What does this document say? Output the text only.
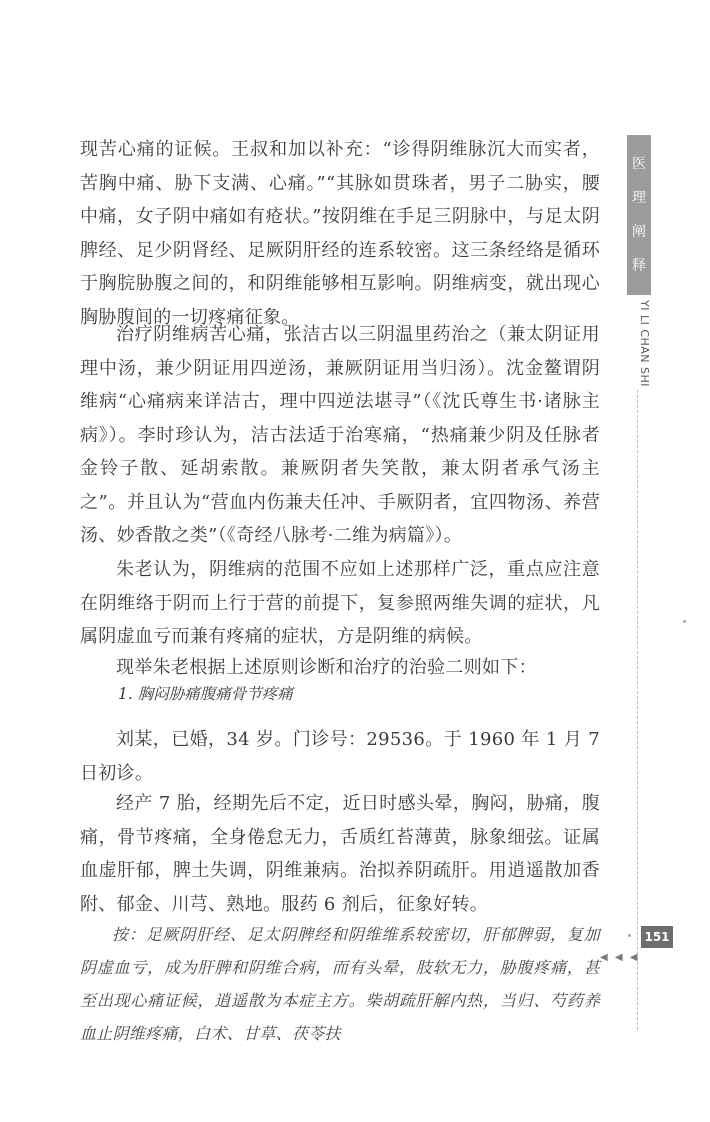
现苦心痛的证候。王叔和加以补充：“诊得阴维脉沉大而实者，苦胸中痛、胁下支满、心痛。”“其脉如贯珠者，男子二胁实，腰中痛，女子阴中痛如有疮状。”按阴维在手足三阴脉中，与足太阴脾经、足少阴肾经、足厥阴肝经的连系较密。这三条经络是循环于胸脘胁腹之间的，和阴维能够相互影响。阴维病变，就出现心胸胁腹间的一切疼痛征象。
治疗阴维病苦心痛，张洁古以三阴温里药治之（兼太阴证用理中汤，兼少阴证用四逆汤，兼厥阴证用当归汤）。沈金鳌谓阴维病“心痛病来详洁古，理中四逆法堪寻”（《沈氏尊生书·诸脉主病》）。李时珍认为，洁古法适于治寒痛，“热痛兼少阴及任脉者金铃子散、延胡索散。兼厥阴者失笑散，兼太阴者承气汤主之”。并且认为“营血内伤兼夫任冲、手厥阴者，宜四物汤、养营汤、妙香散之类”（《奇经八脉考·二维为病篇》）。
朱老认为，阴维病的范围不应如上述那样广泛，重点应注意在阴维络于阴而上行于营的前提下，复参照两维失调的症状，凡属阴虚血亏而兼有疼痛的症状，方是阴维的病候。
现举朱老根据上述原则诊断和治疗的治验二则如下：
1. 胸闷胁痛腹痛骨节疼痛
刘某，已婚，34 岁。门诊号：29536。于 1960 年 1 月 7 日初诊。
经产 7 胎，经期先后不定，近日时感头晕，胸闷，胁痛，腹痛，骨节疼痛，全身倦怠无力，舌质红苔薄黄，脉象细弦。证属血虚肝郁，脾土失调，阴维兼病。治拟养阴疏肝。用逍遥散加香附、郁金、川芎、熟地。服药 6 剂后，征象好转。
按：足厥阴肝经、足太阴脾经和阴维维系较密切，肝郁脾弱，复加阴虚血亏，成为肝脾和阴维合病，而有头晕，肢软无力，胁腹疼痛，甚至出现心痛证候，逍遥散为本症主方。柴胡疏肝解内热，当归、芍药养血止阴维疼痛，白术、甘草、茯苓扶
医
理
阐
释
YI LI CHAN SHI
151
◀ ◀ ◀
